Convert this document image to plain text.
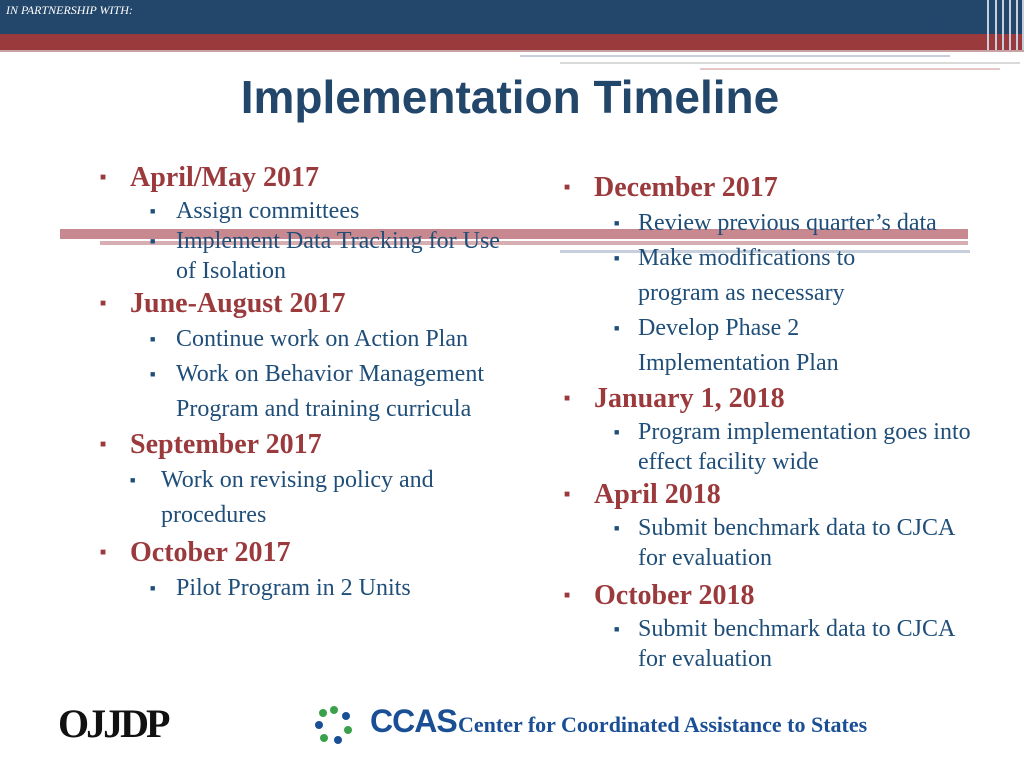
IN PARTNERSHIP WITH:
13
Implementation Timeline
■ April/May 2017
■ Assign committees
■ Implement Data Tracking for Use of Isolation
■ June-August 2017
■ Continue work on Action Plan
■ Work on Behavior Management Program and training curricula
■ September 2017
■ Work on revising policy and procedures
■ October 2017
■ Pilot Program in 2 Units
■ December 2017
■ Review previous quarter’s data
■ Make modifications to program as necessary
■ Develop Phase 2 Implementation Plan
■ January 1, 2018
■ Program implementation goes into effect facility wide
■ April 2018
■ Submit benchmark data to CJCA for evaluation
■ October 2018
■ Submit benchmark data to CJCA for evaluation
OJJDP	CCAS Center for Coordinated Assistance to States
